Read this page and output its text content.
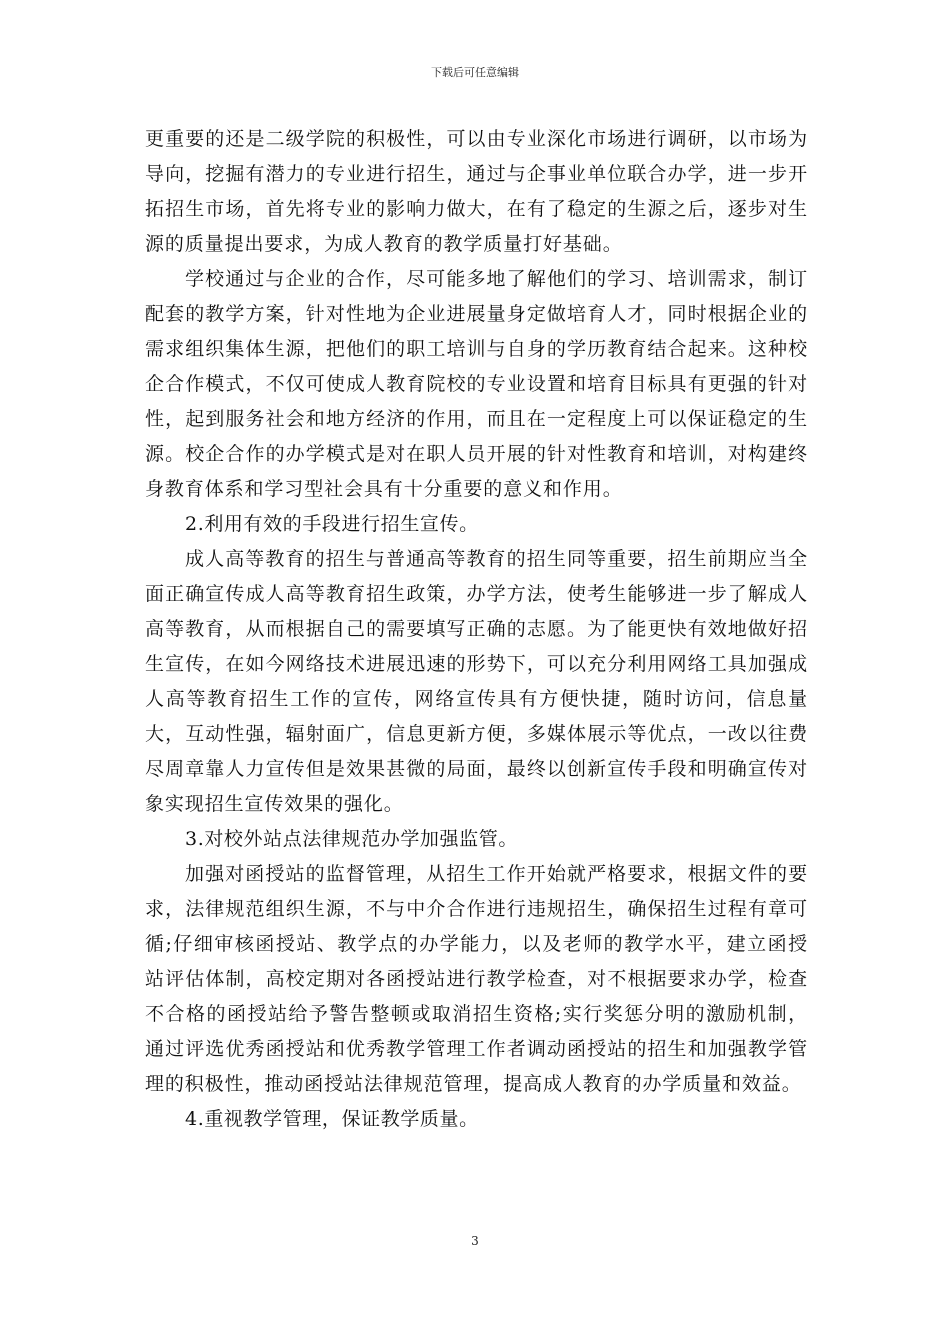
下载后可任意编辑

更重要的还是二级学院的积极性，可以由专业深化市场进行调研，以市场为导向，挖掘有潜力的专业进行招生，通过与企事业单位联合办学，进一步开拓招生市场，首先将专业的影响力做大，在有了稳定的生源之后，逐步对生源的质量提出要求，为成人教育的教学质量打好基础。

学校通过与企业的合作，尽可能多地了解他们的学习、培训需求，制订配套的教学方案，针对性地为企业进展量身定做培育人才，同时根据企业的需求组织集体生源，把他们的职工培训与自身的学历教育结合起来。这种校企合作模式，不仅可使成人教育院校的专业设置和培育目标具有更强的针对性，起到服务社会和地方经济的作用，而且在一定程度上可以保证稳定的生源。校企合作的办学模式是对在职人员开展的针对性教育和培训，对构建终身教育体系和学习型社会具有十分重要的意义和作用。

2.利用有效的手段进行招生宣传。

成人高等教育的招生与普通高等教育的招生同等重要，招生前期应当全面正确宣传成人高等教育招生政策，办学方法，使考生能够进一步了解成人高等教育，从而根据自己的需要填写正确的志愿。为了能更快有效地做好招生宣传，在如今网络技术进展迅速的形势下，可以充分利用网络工具加强成人高等教育招生工作的宣传，网络宣传具有方便快捷，随时访问，信息量大，互动性强，辐射面广，信息更新方便，多媒体展示等优点，一改以往费尽周章靠人力宣传但是效果甚微的局面，最终以创新宣传手段和明确宣传对象实现招生宣传效果的强化。

3.对校外站点法律规范办学加强监管。

加强对函授站的监督管理，从招生工作开始就严格要求，根据文件的要求，法律规范组织生源，不与中介合作进行违规招生，确保招生过程有章可循;仔细审核函授站、教学点的办学能力，以及老师的教学水平，建立函授站评估体制，高校定期对各函授站进行教学检查，对不根据要求办学，检查不合格的函授站给予警告整顿或取消招生资格;实行奖惩分明的激励机制，通过评选优秀函授站和优秀教学管理工作者调动函授站的招生和加强教学管理的积极性，推动函授站法律规范管理，提高成人教育的办学质量和效益。

4.重视教学管理，保证教学质量。

3
